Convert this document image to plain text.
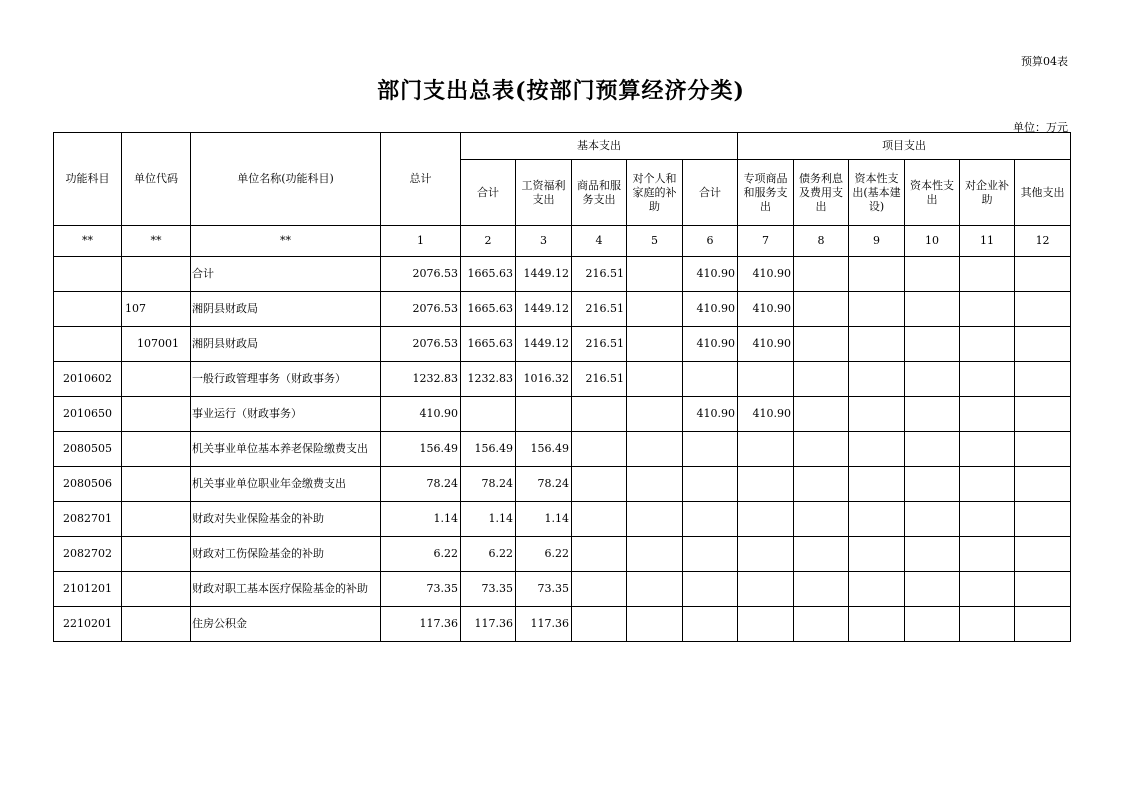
预算04表
部门支出总表(按部门预算经济分类)
单位：万元
功能科目	单位代码	单位名称(功能科目)	总计	基本支出					项目支出					
				合计	工资福利支出	商品和服务支出	对个人和家庭的补助	合计	专项商品和服务支出	债务利息及费用支出	资本性支出(基本建设)	资本性支出	对企业补助	其他支出
**	**	**	1	2	3	4	5	6	7	8	9	10	11	12
		合计	2076.53	1665.63	1449.12	216.51		410.90	410.90					
	107	湘阴县财政局	2076.53	1665.63	1449.12	216.51		410.90	410.90					
	107001	湘阴县财政局	2076.53	1665.63	1449.12	216.51		410.90	410.90					
2010602		一般行政管理事务（财政事务）	1232.83	1232.83	1016.32	216.51								
2010650		事业运行（财政事务）	410.90					410.90	410.90					
2080505		机关事业单位基本养老保险缴费支出	156.49	156.49	156.49									
2080506		机关事业单位职业年金缴费支出	78.24	78.24	78.24									
2082701		财政对失业保险基金的补助	1.14	1.14	1.14									
2082702		财政对工伤保险基金的补助	6.22	6.22	6.22									
2101201		财政对职工基本医疗保险基金的补助	73.35	73.35	73.35									
2210201		住房公积金	117.36	117.36	117.36									
